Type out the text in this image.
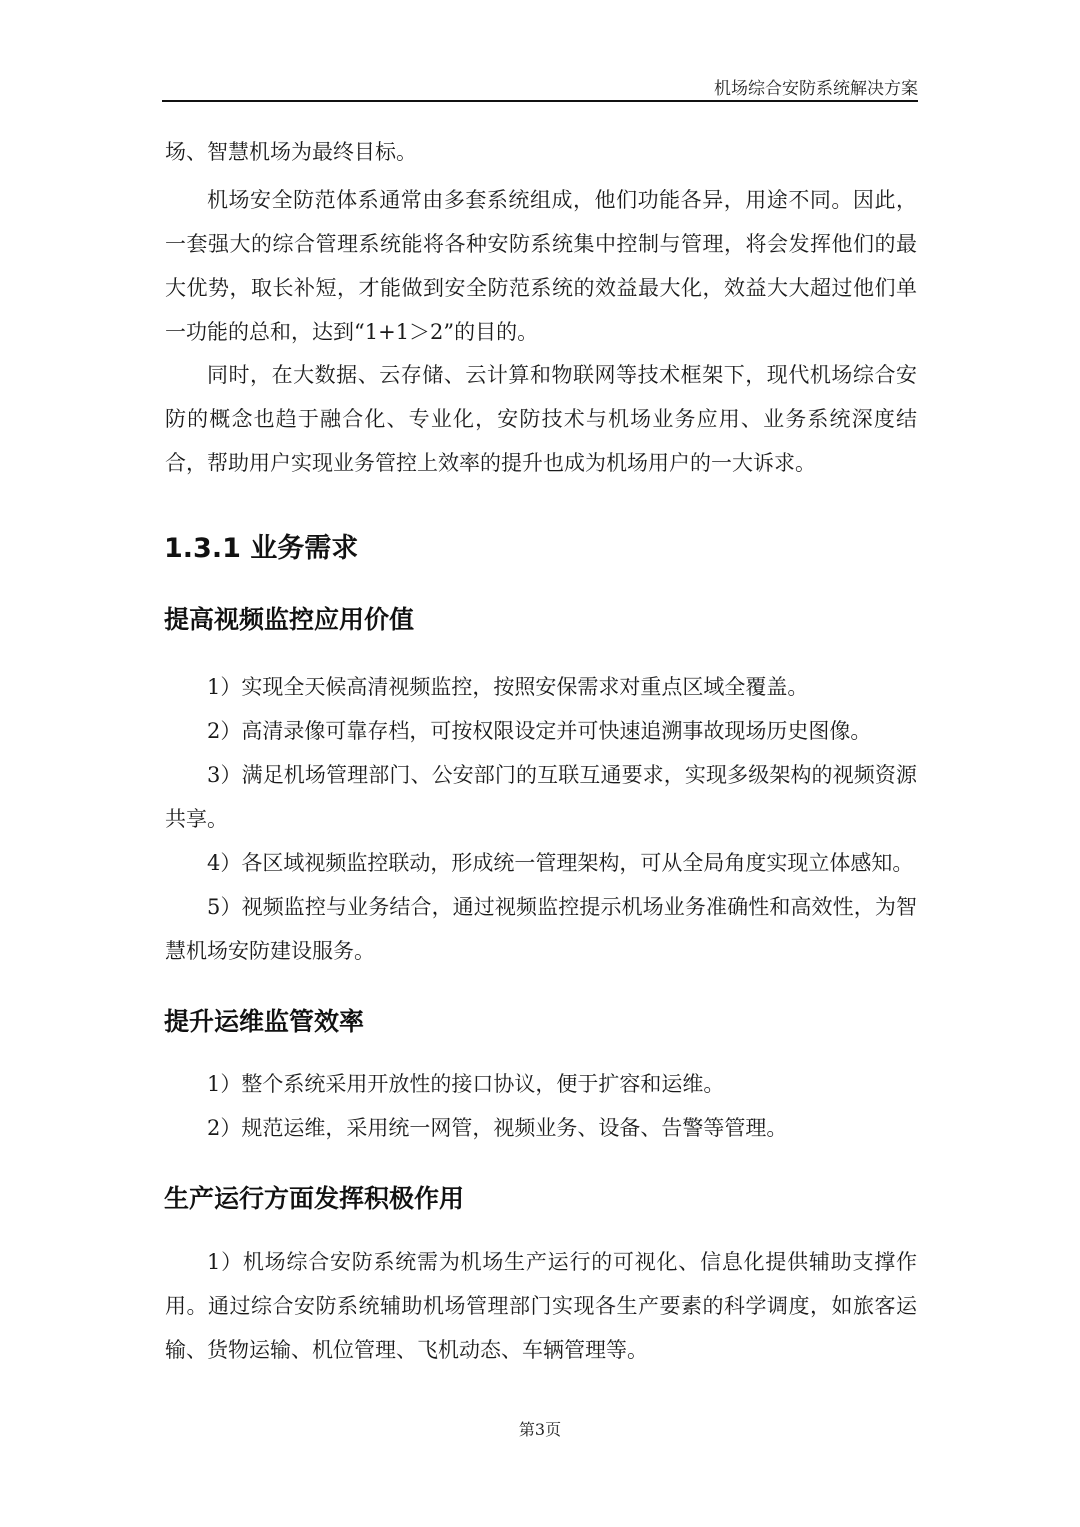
机场综合安防系统解决方案

场、智慧机场为最终目标。

机场安全防范体系通常由多套系统组成，他们功能各异，用途不同。因此，一套强大的综合管理系统能将各种安防系统集中控制与管理，将会发挥他们的最大优势，取长补短，才能做到安全防范系统的效益最大化，效益大大超过他们单一功能的总和，达到“1+1＞2”的目的。

同时，在大数据、云存储、云计算和物联网等技术框架下，现代机场综合安防的概念也趋于融合化、专业化，安防技术与机场业务应用、业务系统深度结合，帮助用户实现业务管控上效率的提升也成为机场用户的一大诉求。

1.3.1 业务需求
提高视频监控应用价值

1）实现全天候高清视频监控，按照安保需求对重点区域全覆盖。

2）高清录像可靠存档，可按权限设定并可快速追溯事故现场历史图像。

3）满足机场管理部门、公安部门的互联互通要求，实现多级架构的视频资源共享。

4）各区域视频监控联动，形成统一管理架构，可从全局角度实现立体感知。

5）视频监控与业务结合，通过视频监控提示机场业务准确性和高效性，为智慧机场安防建设服务。

提升运维监管效率

1）整个系统采用开放性的接口协议，便于扩容和运维。

2）规范运维，采用统一网管，视频业务、设备、告警等管理。

生产运行方面发挥积极作用

1）机场综合安防系统需为机场生产运行的可视化、信息化提供辅助支撑作用。通过综合安防系统辅助机场管理部门实现各生产要素的科学调度，如旅客运输、货物运输、机位管理、飞机动态、车辆管理等。

第3页
